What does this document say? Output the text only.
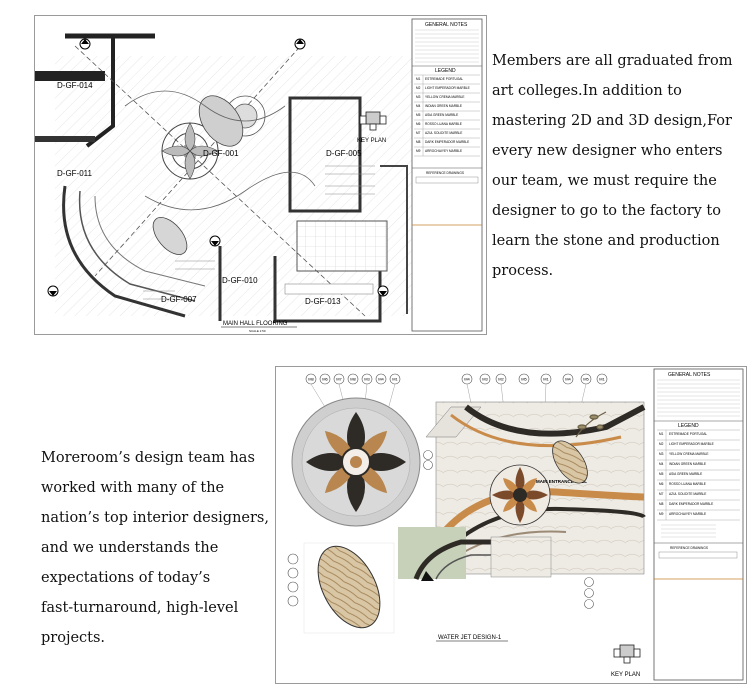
D-GF-014
D-GF-011
D-GF-001	D-GF-005
D-GF-010
D-GF-007	D-GF-013
KEY PLAN
MAIN HALL FLOORING
SCALE 1:50
GENERAL NOTES
LEGEND
M1 ESTREMADE PORTUGAL
M2 LIGHT EMPERADOR MARBLE
M3 YELLOW CREMA MARBLE
M4 INDIAN GREEN MARBLE
M5 ASIA GREEN MARBLE
M6 ROSSO LUANA MARBLE
M7 AZUL SOLIDITE MARBLE
M8 DARK EMPERADOR MARBLE
M9 ARROCHAIYEY MARBLE
REFERENCE DRAWINGS
Members are all graduated from
art colleges.In addition to
mastering 2D and 3D design,For
every new designer who enters
our team, we must require the
designer to go to the factory to
learn the stone and production
process.
M8 M6 M7 M8 M3 M4 M1	M4	M3	M2	M5	M1	M4	M5	M1
MAIN ENTRANCE HALL
WATER JET DESIGN-1
GENERAL NOTES
LEGEND
M1 ESTREMADE PORTUGAL
M2 LIGHT EMPERADOR MARBLE
M3 YELLOW CREMA MARBLE
M4 INDIAN GREEN MARBLE
M5 ASIA GREEN MARBLE
M6 ROSSO LUANA MARBLE
M7 AZUL SOLIDITE MARBLE
M8 DARK EMPERADOR MARBLE
M9 ARROCHAIYEY MARBLE
REFERENCE DRAWINGS
KEY PLAN
Moreroom’s design team has
worked with many of the
nation’s top interior designers,
and we understands the
expectations of today’s
fast-turnaround, high-level
projects.
